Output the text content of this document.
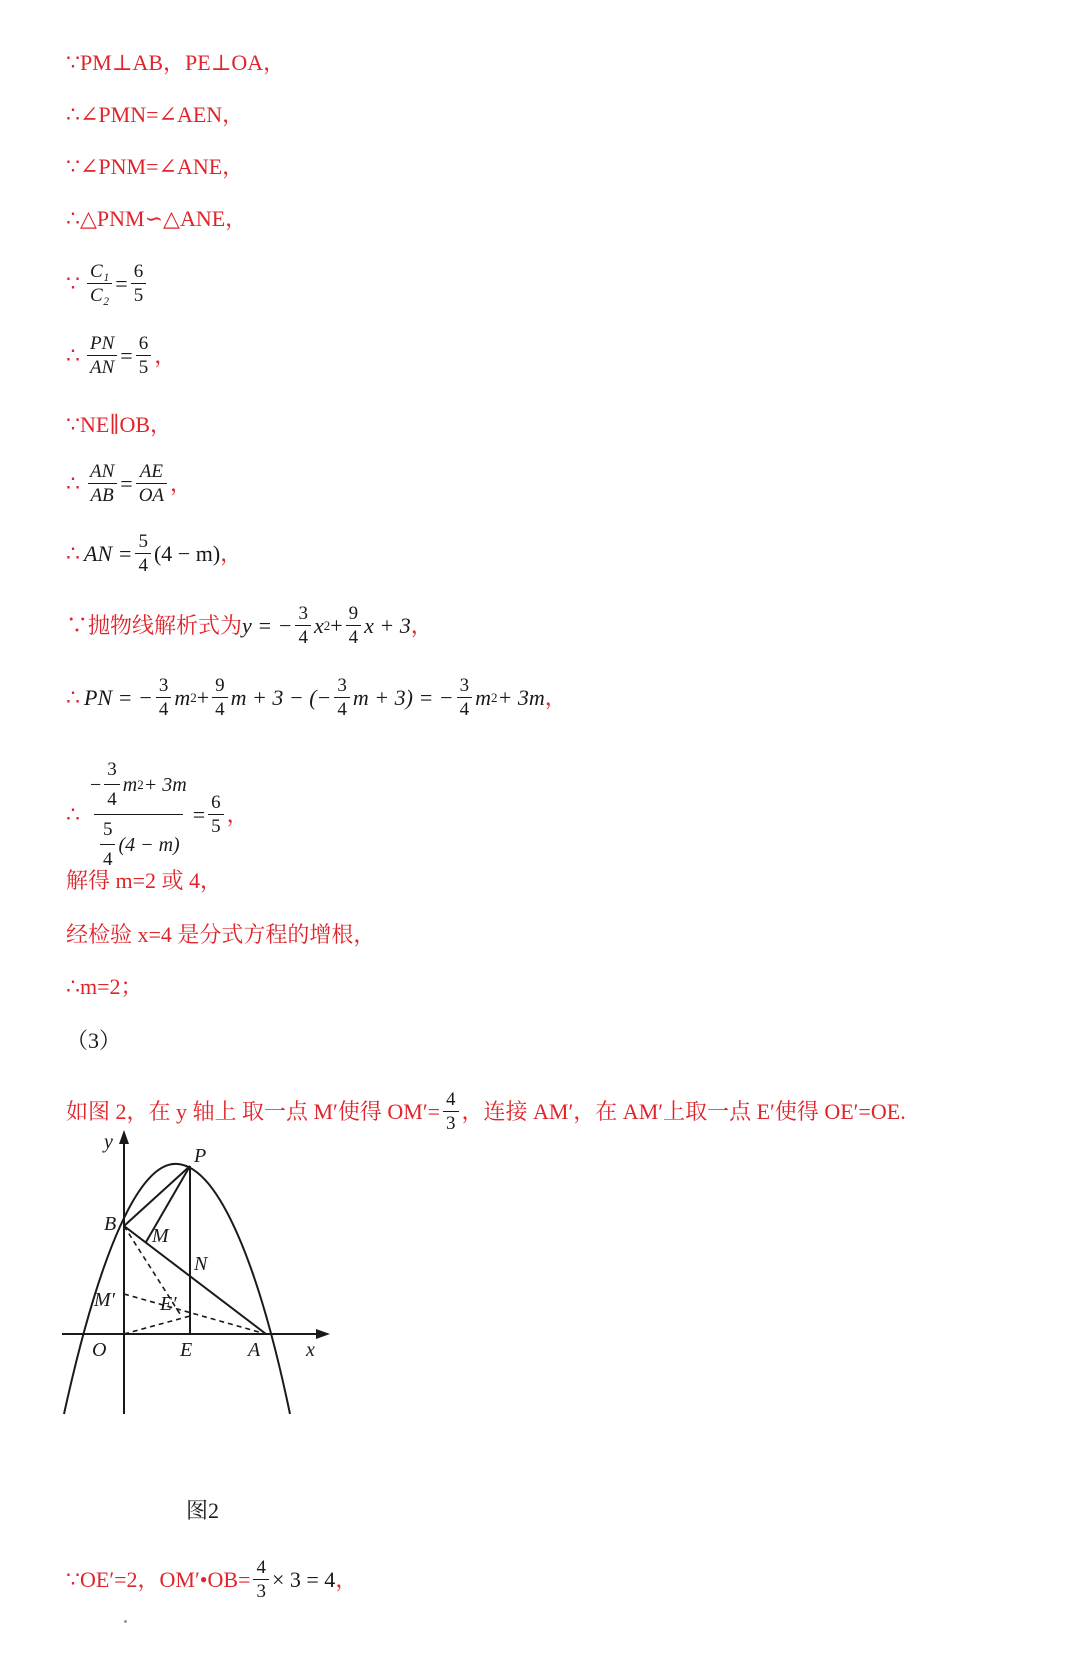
∵PM⊥AB，PE⊥OA，
∴∠PMN=∠AEN，
∵∠PNM=∠ANE，
∴△PNM∽△ANE，
∵ $\frac{\text{C₁}}{\text{C₂}} = \frac{6}{5}$
∴ $\frac{PN}{AN} = \frac{6}{5}$ ，
∵NE∥OB，
∴ $\frac{AN}{AB} = \frac{AE}{OA}$ ，
∴ AN = $\frac{5}{4} (4 - m)$ ，
∵抛物线解析式为 y = − $\frac{3}{4}$ x $2 + \frac{9}{4}$ x + 3 ，
∴ PN = − $\frac{3}{4}$ m $2 + \frac{9}{4}$ m + 3 − (− $\frac{3}{4}$ m + 3) = − $\frac{3}{4}$ m 2 + 3m ，
∴
− $\frac{3}{4}$ m 2 + 3m
$\frac{5}{4} (4 - m)$
= $\frac{6}{5}$ ，
解得 m=2 或 4，
经检验 x=4 是分式方程的增根，
∴m=2；
（3）
如图 2，在 y 轴上 取一点 M′使得 $OM'= \frac{4}{3}$ ，连接 AM′，在 AM′上取一点 E′使得 OE′=OE.
y
P
B
M
N
E′
M′
O	E	A x
图2
∵OE′=2，OM′•OB= $\frac{4}{3} \times 3 = 4$ ，
